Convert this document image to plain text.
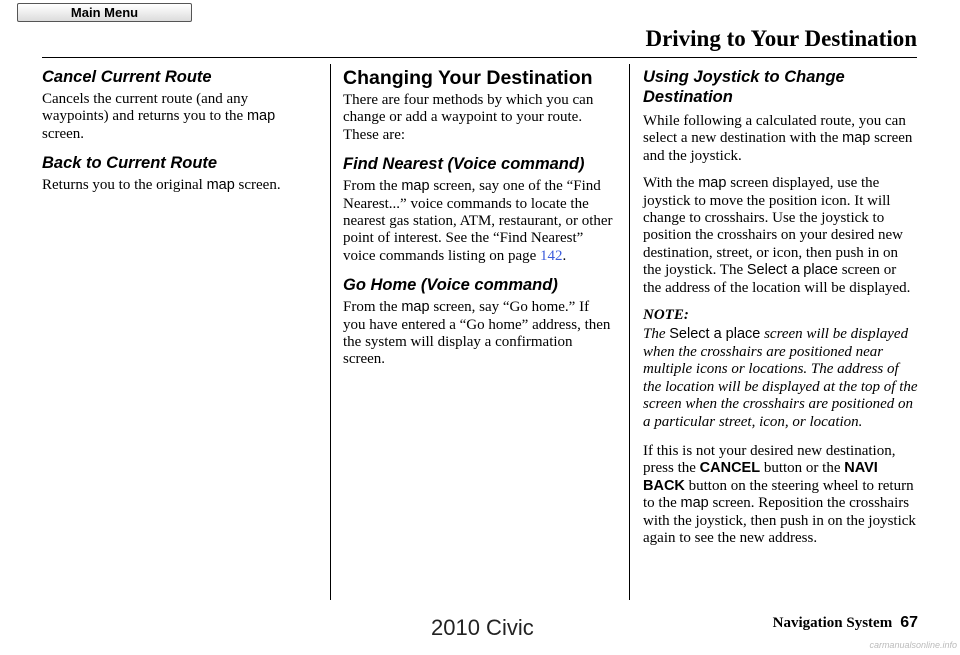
Main Menu
Driving to Your Destination
Cancel Current Route

Cancels the current route (and any waypoints) and returns you to the map screen.

Back to Current Route

Returns you to the original map screen.

Changing Your Destination

There are four methods by which you can change or add a waypoint to your route. These are:

Find Nearest (Voice command)

From the map screen, say one of the “Find Nearest...” voice commands to locate the nearest gas station, ATM, restaurant, or other point of interest. See the “Find Nearest” voice commands listing on page 142.

Go Home (Voice command)

From the map screen, say “Go home.” If you have entered a “Go home” address, then the system will display a confirmation screen.

Using Joystick to Change Destination

While following a calculated route, you can select a new destination with the map screen and the joystick.

With the map screen displayed, use the joystick to move the position icon. It will change to crosshairs. Use the joystick to position the crosshairs on your desired new destination, street, or icon, then push in on the joystick. The Select a place screen or the address of the location will be displayed.

NOTE:

The Select a place screen will be displayed when the crosshairs are positioned near multiple icons or locations. The address of the location will be displayed at the top of the screen when the crosshairs are positioned on a particular street, icon, or location.

If this is not your desired new destination, press the CANCEL button or the NAVI BACK button on the steering wheel to return to the map screen. Reposition the crosshairs with the joystick, then push in on the joystick again to see the new address.

Navigation System 67
2010 Civic
carmanualsonline.info
